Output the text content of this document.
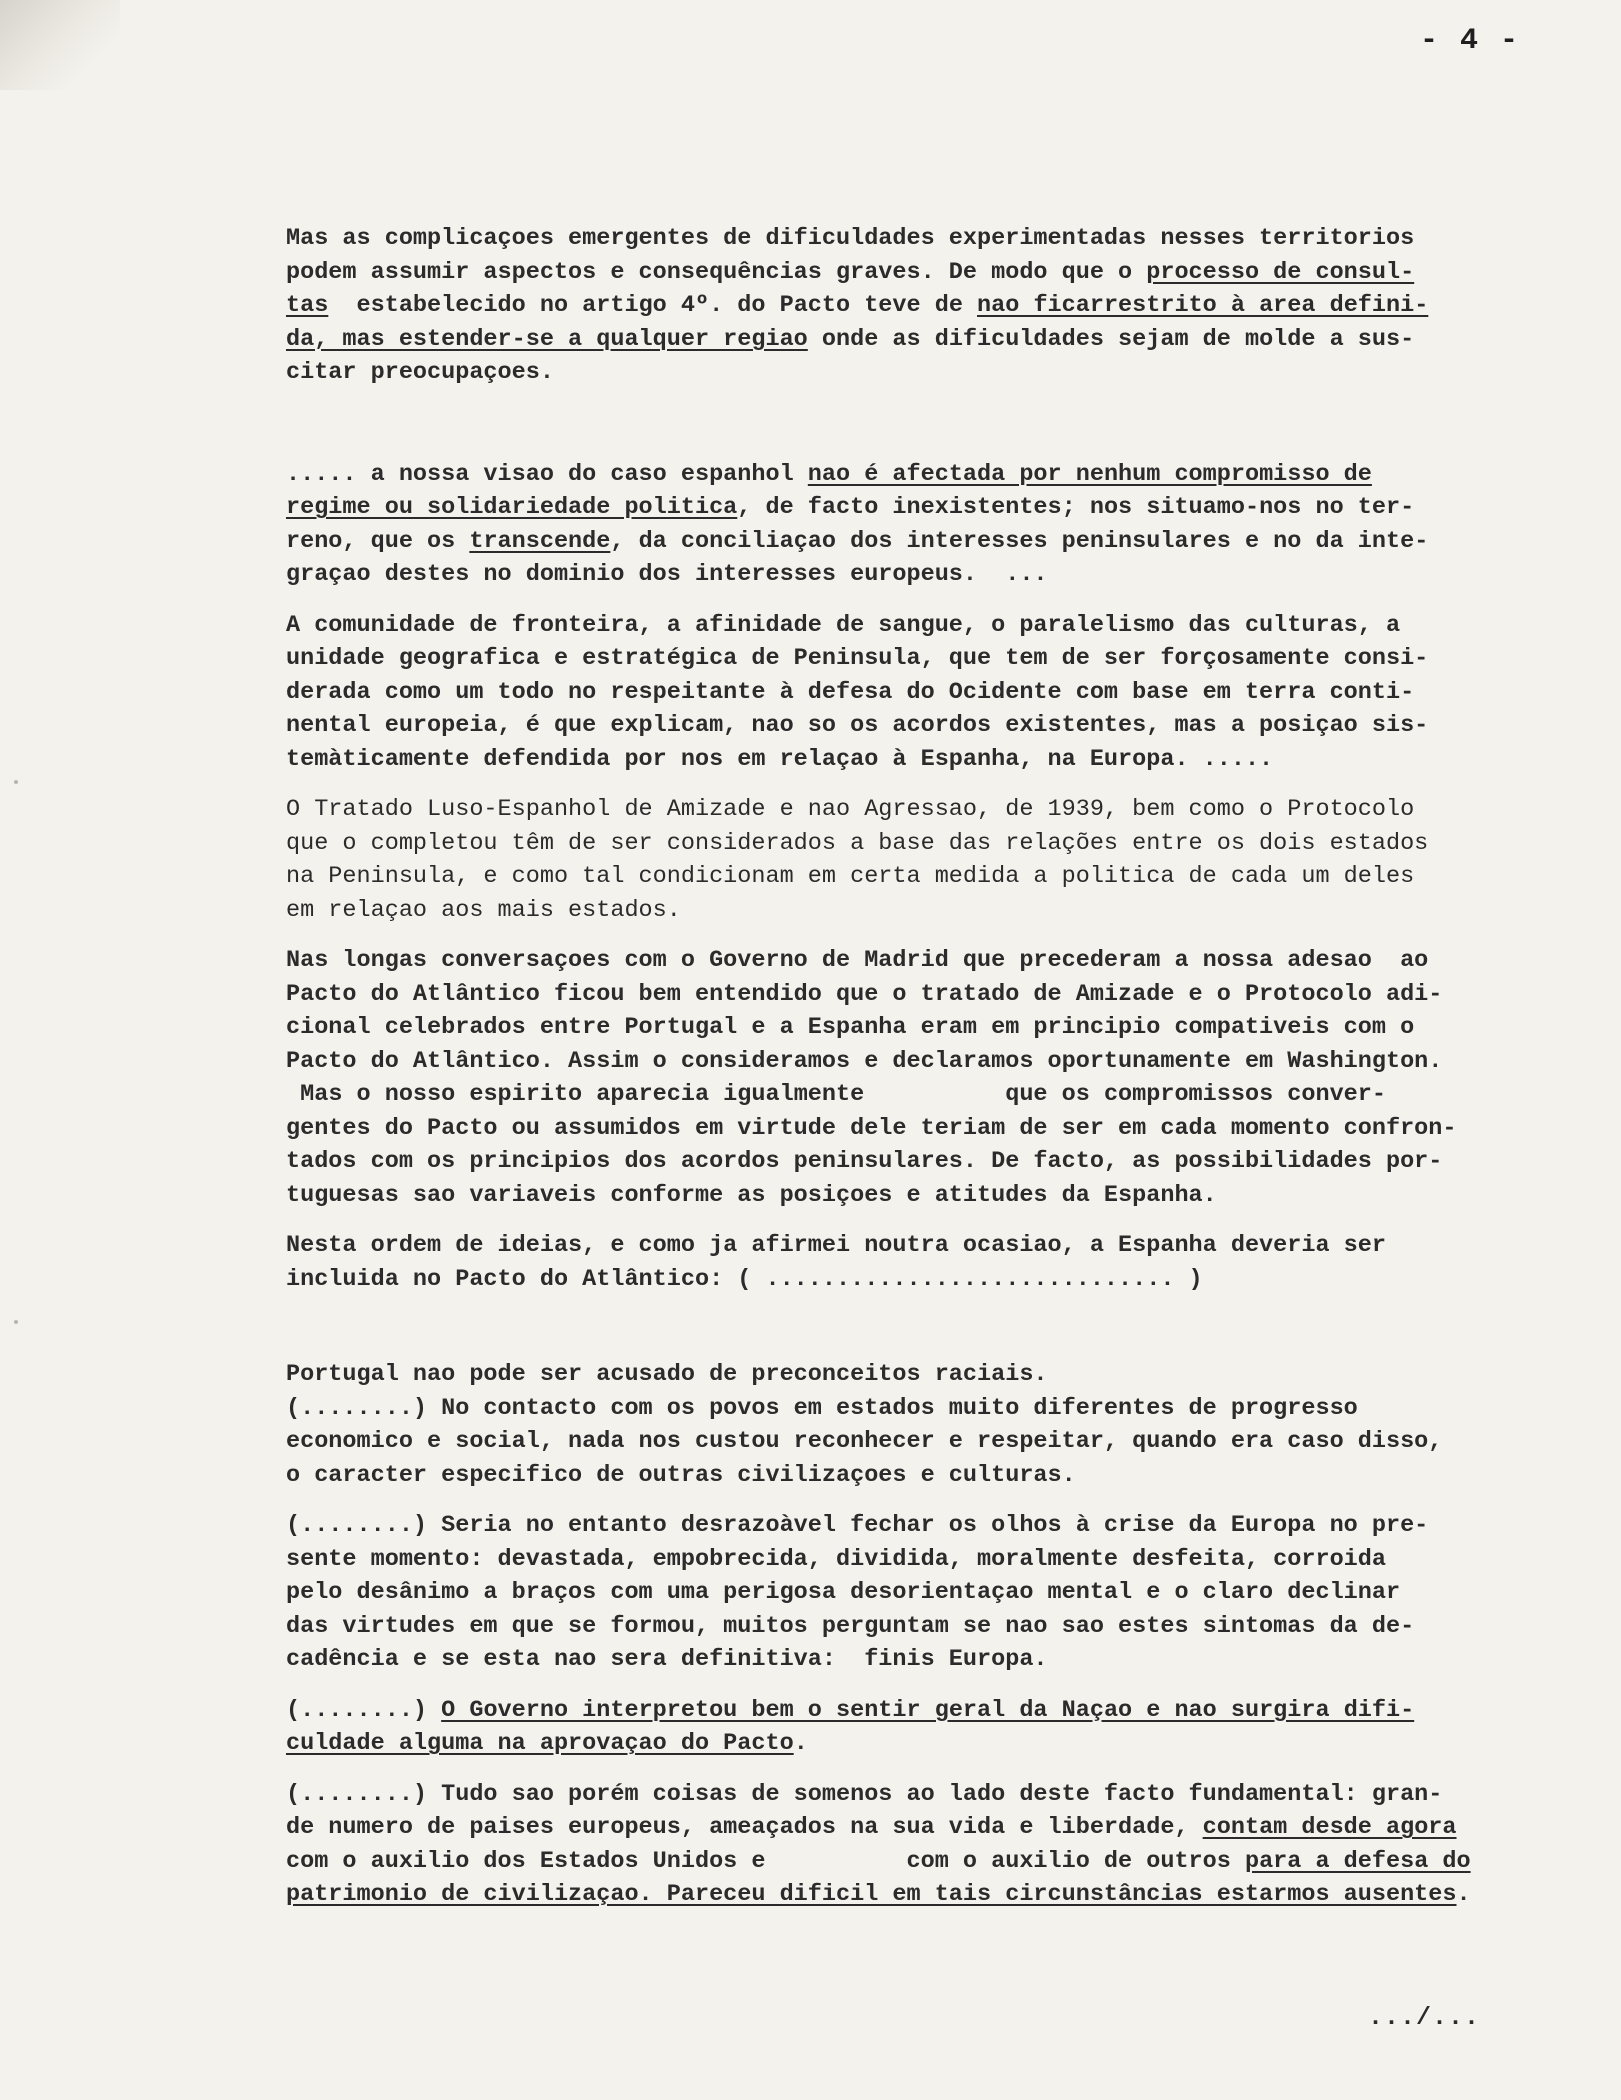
- 4 -

Mas as complicaçoes emergentes de dificuldades experimentadas nesses territorios
podem assumir aspectos e consequências graves. De modo que o processo de consul-
tas  estabelecido no artigo 4º. do Pacto teve de nao ficarrestrito à area defini-
da, mas estender-se a qualquer regiao onde as dificuldades sejam de molde a sus-
citar preocupaçoes.

..... a nossa visao do caso espanhol nao é afectada por nenhum compromisso de
regime ou solidariedade politica, de facto inexistentes; nos situamo-nos no ter-
reno, que os transcende, da conciliaçao dos interesses peninsulares e no da inte-
graçao destes no dominio dos interesses europeus.  ...

A comunidade de fronteira, a afinidade de sangue, o paralelismo das culturas, a
unidade geografica e estratégica de Peninsula, que tem de ser forçosamente consi-
derada como um todo no respeitante à defesa do Ocidente com base em terra conti-
nental europeia, é que explicam, nao so os acordos existentes, mas a posiçao sis-
temàticamente defendida por nos em relaçao à Espanha, na Europa. .....

O Tratado Luso-Espanhol de Amizade e nao Agressao, de 1939, bem como o Protocolo
que o completou têm de ser considerados a base das relações entre os dois estados
na Peninsula, e como tal condicionam em certa medida a politica de cada um deles
em relaçao aos mais estados.

Nas longas conversaçoes com o Governo de Madrid que precederam a nossa adesao  ao
Pacto do Atlântico ficou bem entendido que o tratado de Amizade e o Protocolo adi-
cional celebrados entre Portugal e a Espanha eram em principio compativeis com o
Pacto do Atlântico. Assim o consideramos e declaramos oportunamente em Washington.
Mas o nosso espirito aparecia igualmente          que os compromissos conver-
gentes do Pacto ou assumidos em virtude dele teriam de ser em cada momento confron-
tados com os principios dos acordos peninsulares. De facto, as possibilidades por-
tuguesas sao variaveis conforme as posiçoes e atitudes da Espanha.

Nesta ordem de ideias, e como ja afirmei noutra ocasiao, a Espanha deveria ser
incluida no Pacto do Atlântico: ( ............................. )

Portugal nao pode ser acusado de preconceitos raciais.
(........) No contacto com os povos em estados muito diferentes de progresso
economico e social, nada nos custou reconhecer e respeitar, quando era caso disso,
o caracter especifico de outras civilizaçoes e culturas.

(........) Seria no entanto desrazoàvel fechar os olhos à crise da Europa no pre-
sente momento: devastada, empobrecida, dividida, moralmente desfeita, corroida
pelo desânimo a braços com uma perigosa desorientaçao mental e o claro declinar
das virtudes em que se formou, muitos perguntam se nao sao estes sintomas da de-
cadência e se esta nao sera definitiva:  finis Europa.

(........) O Governo interpretou bem o sentir geral da Naçao e nao surgira difi-
culdade alguma na aprovaçao do Pacto.

(........) Tudo sao porém coisas de somenos ao lado deste facto fundamental: gran-
de numero de paises europeus, ameaçados na sua vida e liberdade, contam desde agora
com o auxilio dos Estados Unidos e          com o auxilio de outros para a defesa do
patrimonio de civilizaçao. Pareceu dificil em tais circunstâncias estarmos ausentes.

.../...
